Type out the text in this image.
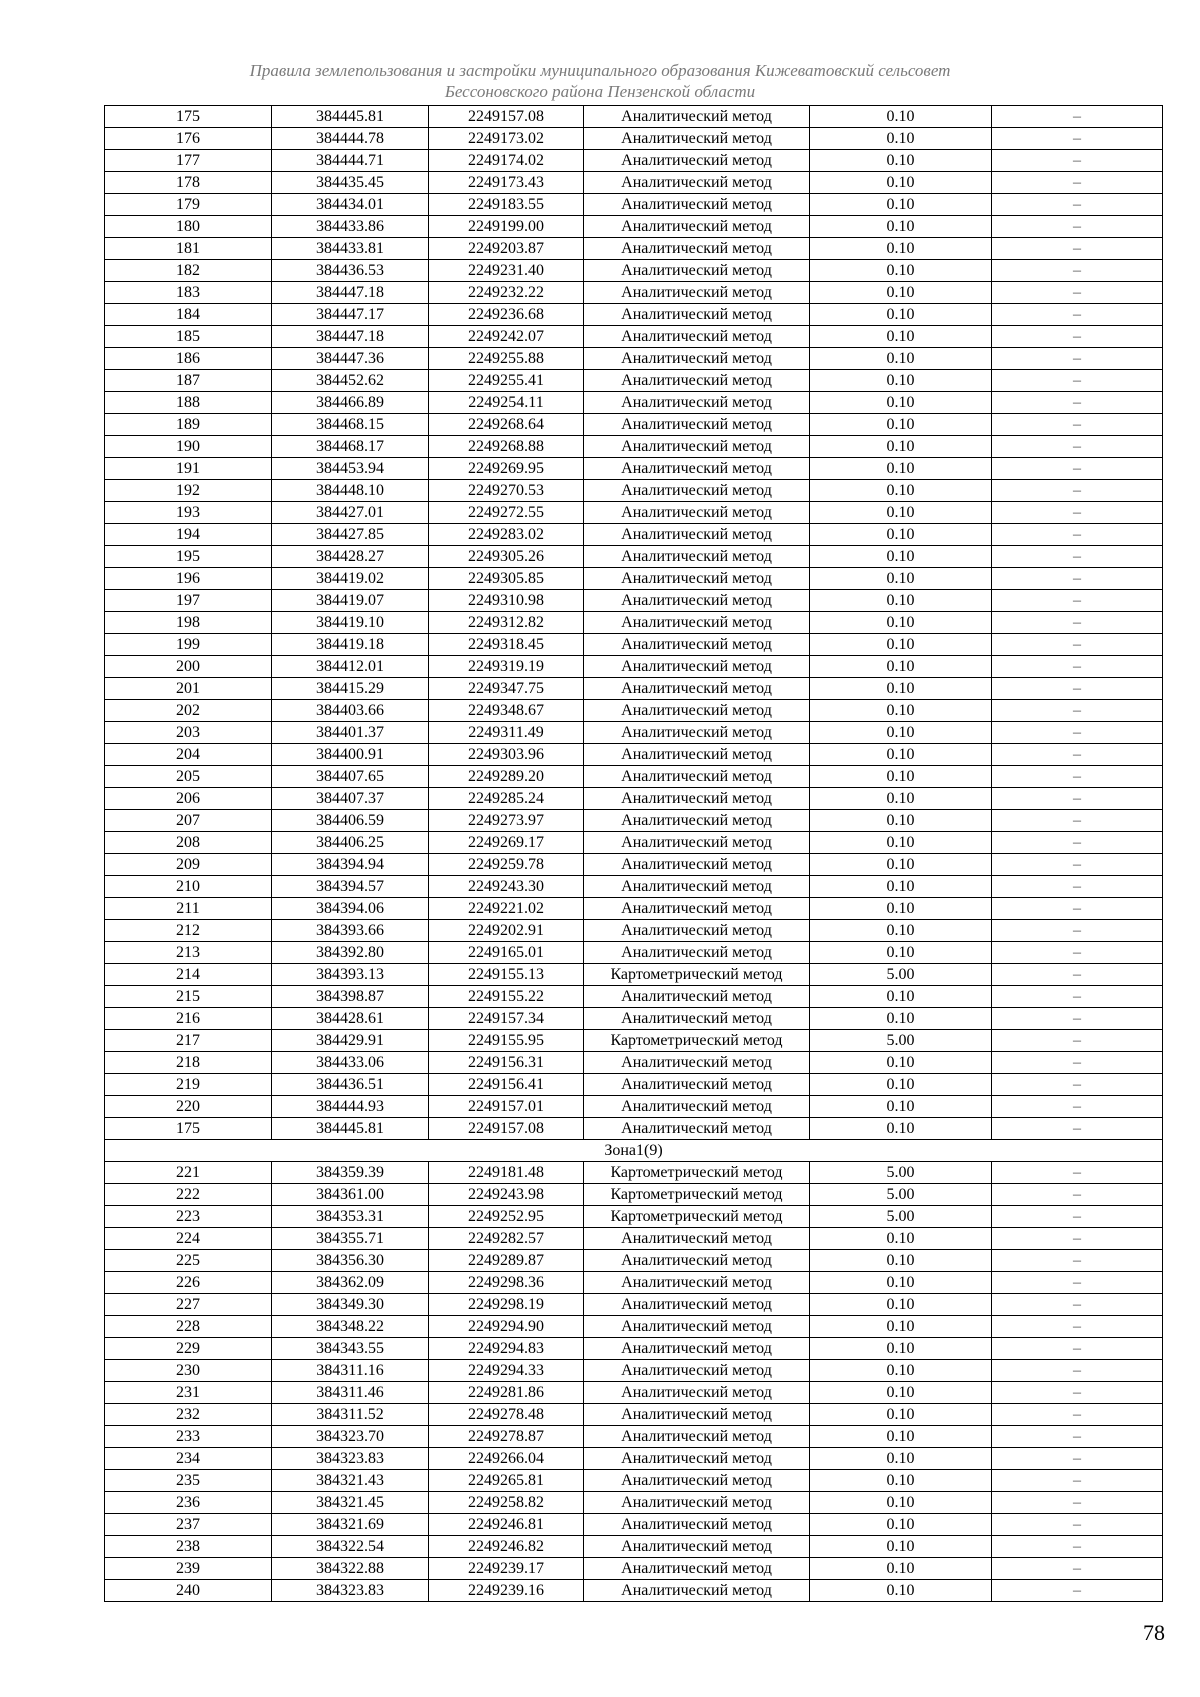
Правила землепользования и застройки муниципального образования Кижеватовский сельсовет
Бессоновского района Пензенской области
175	384445.81	2249157.08	Аналитический метод	0.10	–
176	384444.78	2249173.02	Аналитический метод	0.10	–
177	384444.71	2249174.02	Аналитический метод	0.10	–
178	384435.45	2249173.43	Аналитический метод	0.10	–
179	384434.01	2249183.55	Аналитический метод	0.10	–
180	384433.86	2249199.00	Аналитический метод	0.10	–
181	384433.81	2249203.87	Аналитический метод	0.10	–
182	384436.53	2249231.40	Аналитический метод	0.10	–
183	384447.18	2249232.22	Аналитический метод	0.10	–
184	384447.17	2249236.68	Аналитический метод	0.10	–
185	384447.18	2249242.07	Аналитический метод	0.10	–
186	384447.36	2249255.88	Аналитический метод	0.10	–
187	384452.62	2249255.41	Аналитический метод	0.10	–
188	384466.89	2249254.11	Аналитический метод	0.10	–
189	384468.15	2249268.64	Аналитический метод	0.10	–
190	384468.17	2249268.88	Аналитический метод	0.10	–
191	384453.94	2249269.95	Аналитический метод	0.10	–
192	384448.10	2249270.53	Аналитический метод	0.10	–
193	384427.01	2249272.55	Аналитический метод	0.10	–
194	384427.85	2249283.02	Аналитический метод	0.10	–
195	384428.27	2249305.26	Аналитический метод	0.10	–
196	384419.02	2249305.85	Аналитический метод	0.10	–
197	384419.07	2249310.98	Аналитический метод	0.10	–
198	384419.10	2249312.82	Аналитический метод	0.10	–
199	384419.18	2249318.45	Аналитический метод	0.10	–
200	384412.01	2249319.19	Аналитический метод	0.10	–
201	384415.29	2249347.75	Аналитический метод	0.10	–
202	384403.66	2249348.67	Аналитический метод	0.10	–
203	384401.37	2249311.49	Аналитический метод	0.10	–
204	384400.91	2249303.96	Аналитический метод	0.10	–
205	384407.65	2249289.20	Аналитический метод	0.10	–
206	384407.37	2249285.24	Аналитический метод	0.10	–
207	384406.59	2249273.97	Аналитический метод	0.10	–
208	384406.25	2249269.17	Аналитический метод	0.10	–
209	384394.94	2249259.78	Аналитический метод	0.10	–
210	384394.57	2249243.30	Аналитический метод	0.10	–
211	384394.06	2249221.02	Аналитический метод	0.10	–
212	384393.66	2249202.91	Аналитический метод	0.10	–
213	384392.80	2249165.01	Аналитический метод	0.10	–
214	384393.13	2249155.13	Картометрический метод	5.00	–
215	384398.87	2249155.22	Аналитический метод	0.10	–
216	384428.61	2249157.34	Аналитический метод	0.10	–
217	384429.91	2249155.95	Картометрический метод	5.00	–
218	384433.06	2249156.31	Аналитический метод	0.10	–
219	384436.51	2249156.41	Аналитический метод	0.10	–
220	384444.93	2249157.01	Аналитический метод	0.10	–
175	384445.81	2249157.08	Аналитический метод	0.10	–
Зона1(9)					
221	384359.39	2249181.48	Картометрический метод	5.00	–
222	384361.00	2249243.98	Картометрический метод	5.00	–
223	384353.31	2249252.95	Картометрический метод	5.00	–
224	384355.71	2249282.57	Аналитический метод	0.10	–
225	384356.30	2249289.87	Аналитический метод	0.10	–
226	384362.09	2249298.36	Аналитический метод	0.10	–
227	384349.30	2249298.19	Аналитический метод	0.10	–
228	384348.22	2249294.90	Аналитический метод	0.10	–
229	384343.55	2249294.83	Аналитический метод	0.10	–
230	384311.16	2249294.33	Аналитический метод	0.10	–
231	384311.46	2249281.86	Аналитический метод	0.10	–
232	384311.52	2249278.48	Аналитический метод	0.10	–
233	384323.70	2249278.87	Аналитический метод	0.10	–
234	384323.83	2249266.04	Аналитический метод	0.10	–
235	384321.43	2249265.81	Аналитический метод	0.10	–
236	384321.45	2249258.82	Аналитический метод	0.10	–
237	384321.69	2249246.81	Аналитический метод	0.10	–
238	384322.54	2249246.82	Аналитический метод	0.10	–
239	384322.88	2249239.17	Аналитический метод	0.10	–
240	384323.83	2249239.16	Аналитический метод	0.10	–
78
